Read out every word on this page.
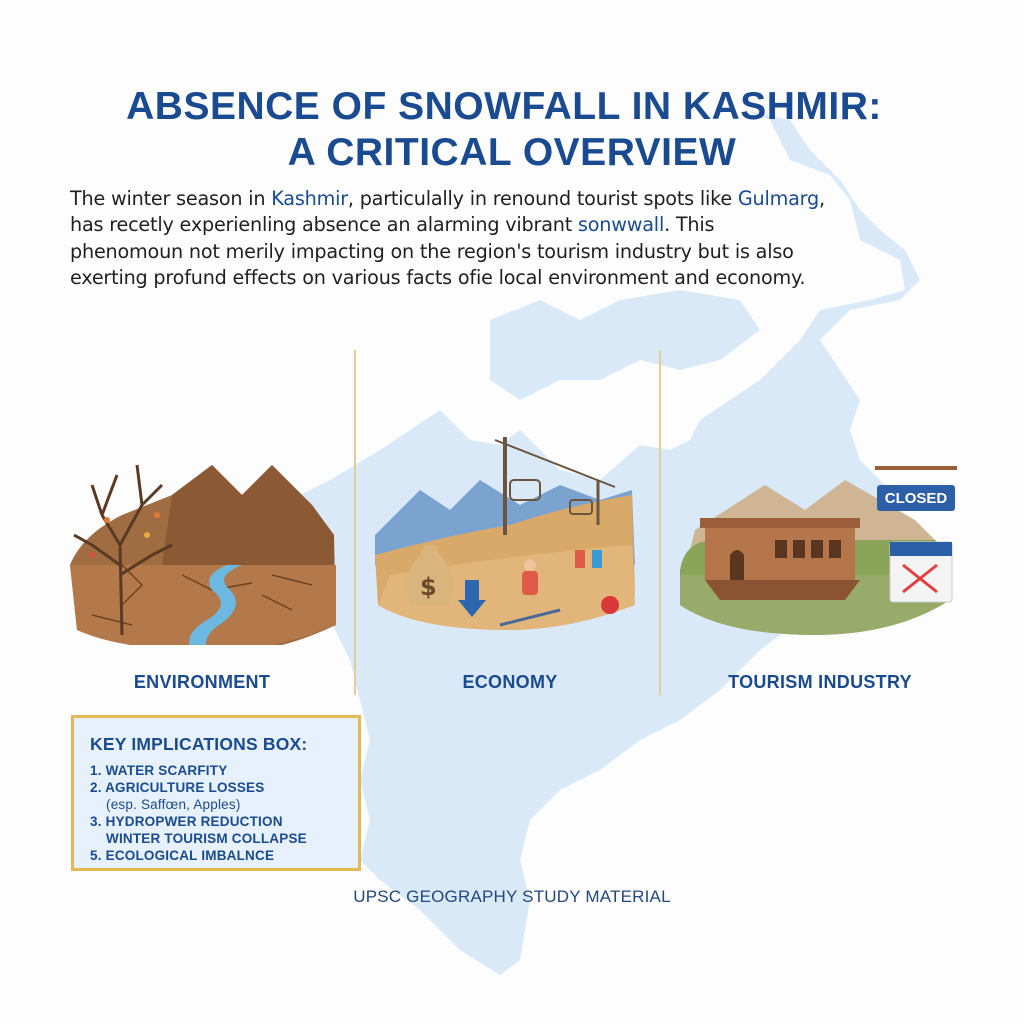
ABSENCE OF SNOWFALL IN KASHMIR:
A CRITICAL OVERVIEW
The winter season in Kashmir, particulally in renound tourist spots like Gulmarg,
has recetly experienling absence an alarming vibrant sonwwall. This
phenomoun not merily impacting on the region's tourism industry but is also
exerting profund effects on various facts ofie local environment and economy.
ENVIRONMENT
$
ECONOMY
CLOSED
TOURISM INDUSTRY
KEY IMPLICATIONS BOX:
1. WATER SCARFITY
2. AGRICULTURE LOSSES
(esp. Saffœn, Apples)
3. HYDROPWER REDUCTION
WINTER TOURISM COLLAPSE
5. ECOLOGICAL IMBALNCE
UPSC GEOGRAPHY STUDY MATERIAL
